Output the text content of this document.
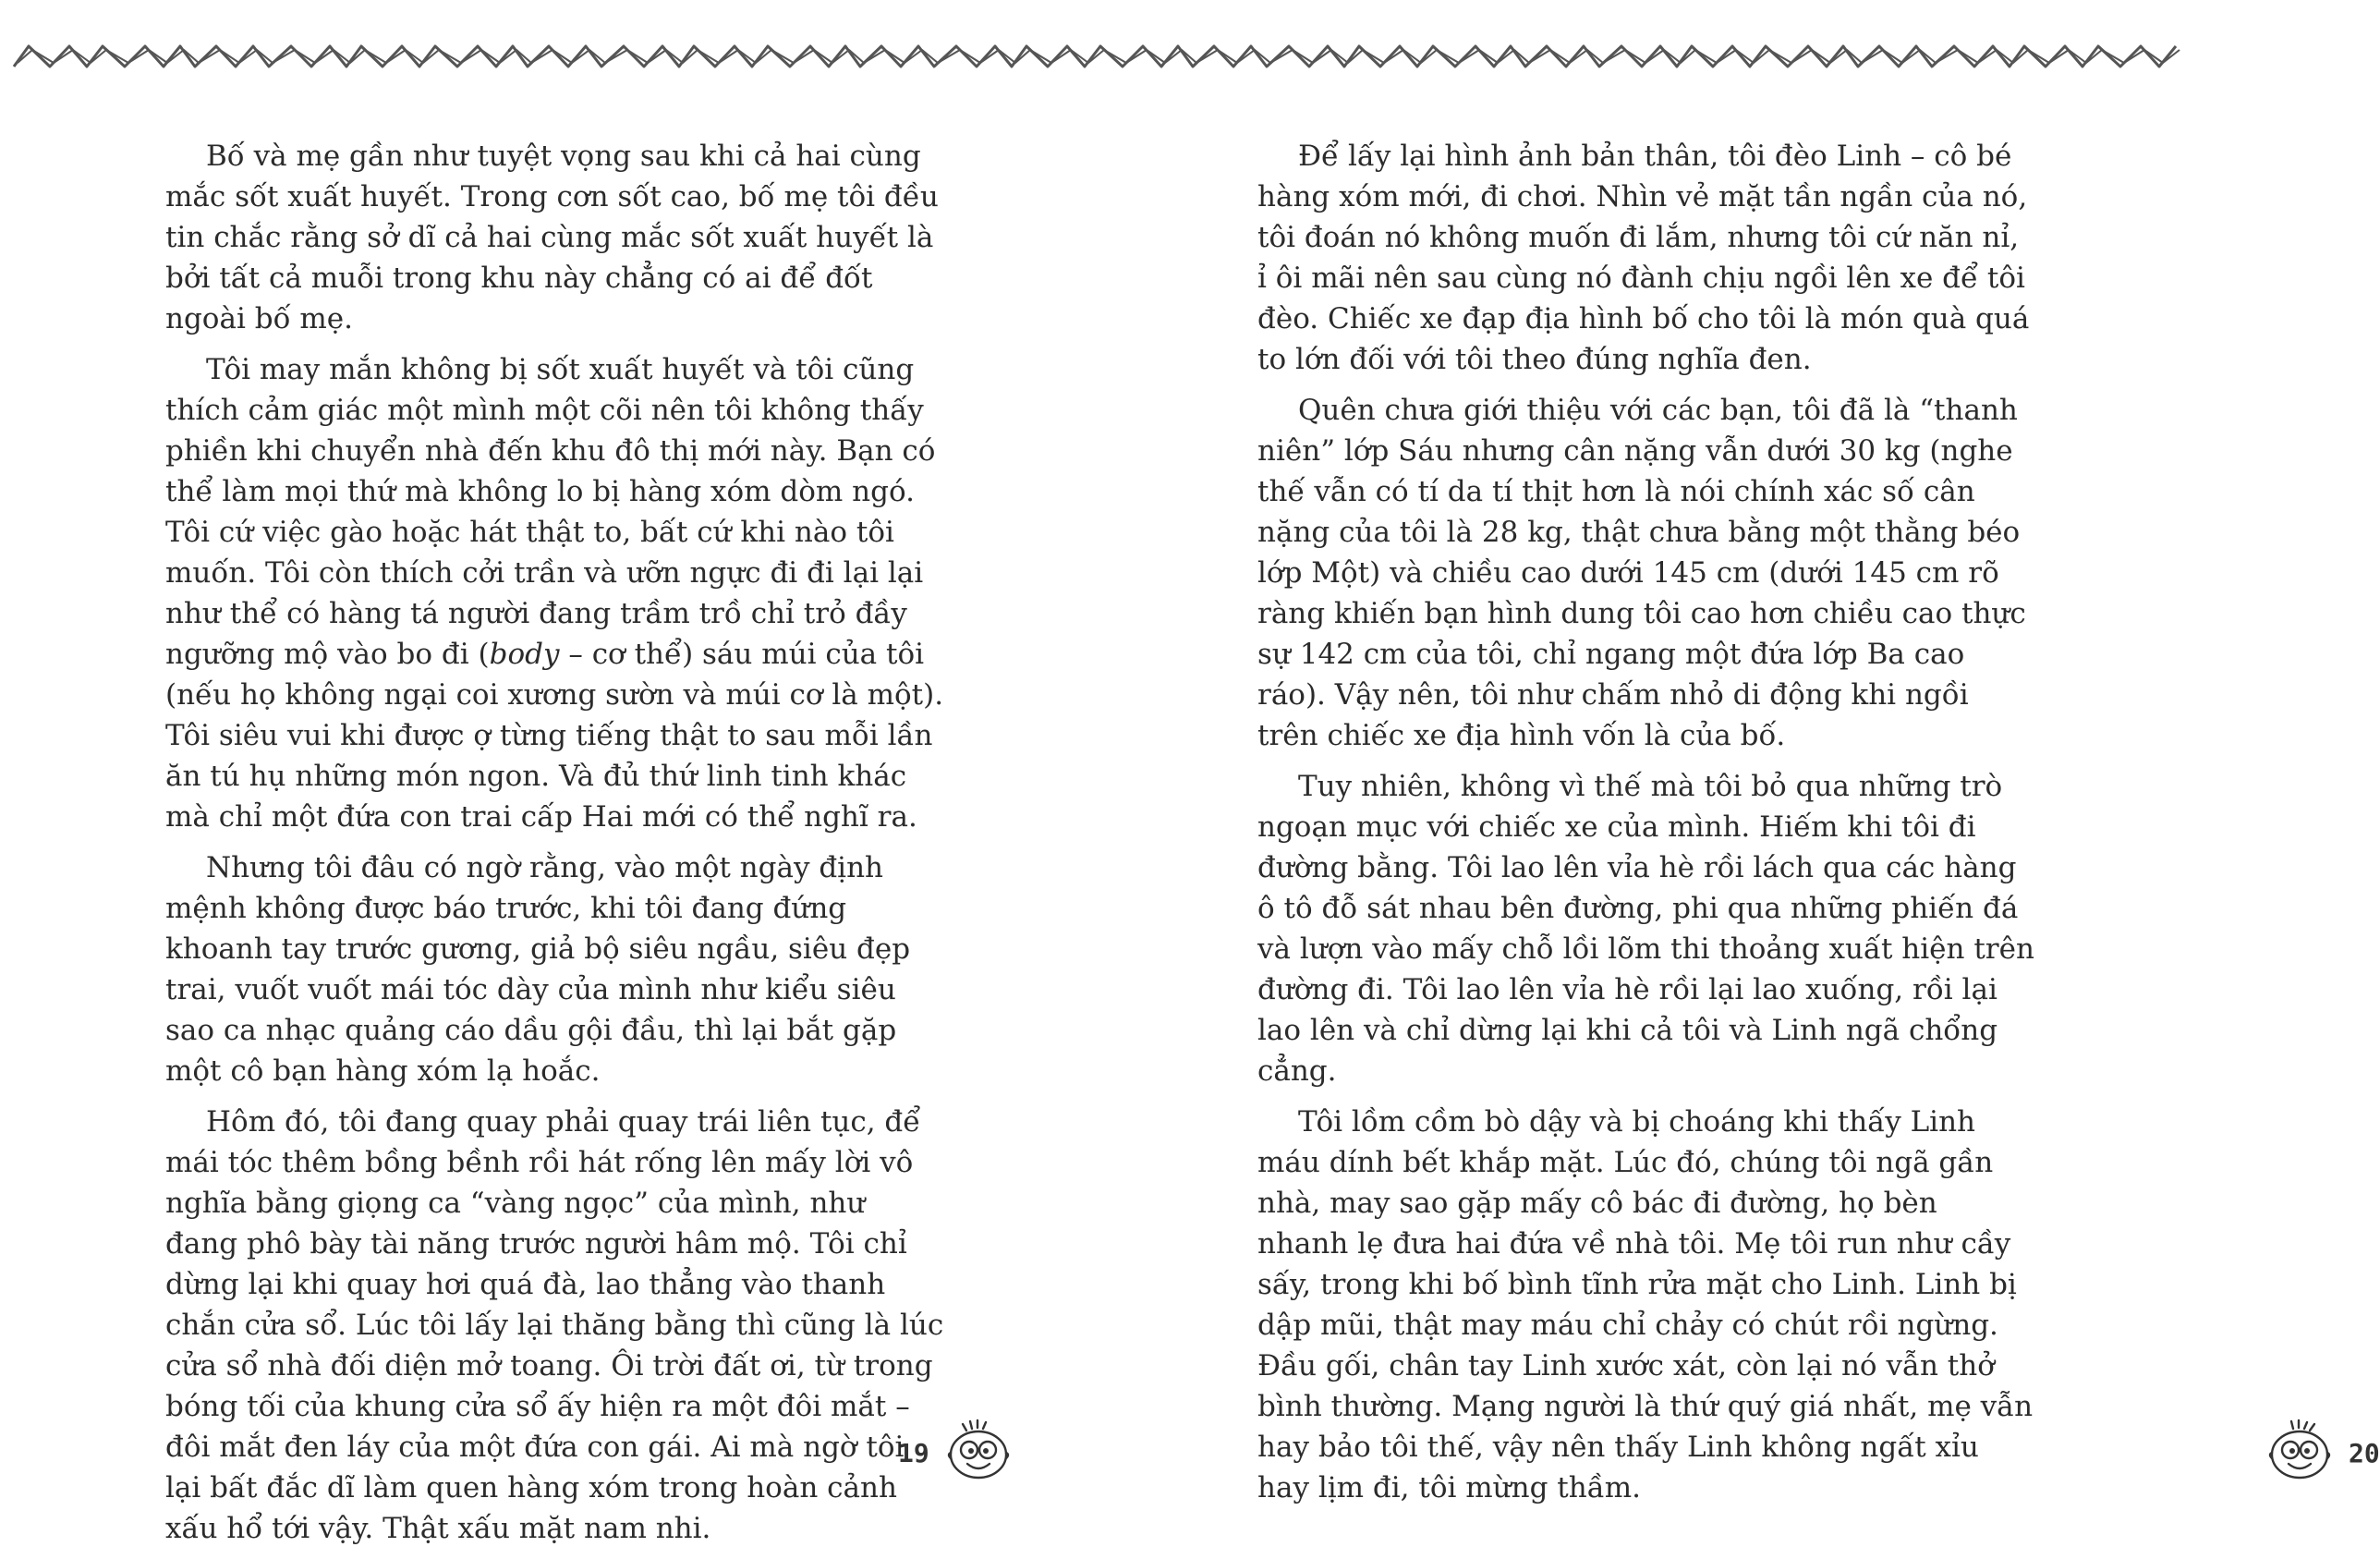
Bố và mẹ gần như tuyệt vọng sau khi cả hai cùng mắc sốt xuất huyết. Trong cơn sốt cao, bố mẹ tôi đều tin chắc rằng sở dĩ cả hai cùng mắc sốt xuất huyết là bởi tất cả muỗi trong khu này chẳng có ai để đốt ngoài bố mẹ.

Tôi may mắn không bị sốt xuất huyết và tôi cũng thích cảm giác một mình một cõi nên tôi không thấy phiền khi chuyển nhà đến khu đô thị mới này. Bạn có thể làm mọi thứ mà không lo bị hàng xóm dòm ngó. Tôi cứ việc gào hoặc hát thật to, bất cứ khi nào tôi muốn. Tôi còn thích cởi trần và ưỡn ngực đi đi lại lại như thể có hàng tá người đang trầm trồ chỉ trỏ đầy ngưỡng mộ vào bo đi (body – cơ thể) sáu múi của tôi (nếu họ không ngại coi xương sườn và múi cơ là một). Tôi siêu vui khi được ợ từng tiếng thật to sau mỗi lần ăn tú hụ những món ngon. Và đủ thứ linh tinh khác mà chỉ một đứa con trai cấp Hai mới có thể nghĩ ra.

Nhưng tôi đâu có ngờ rằng, vào một ngày định mệnh không được báo trước, khi tôi đang đứng khoanh tay trước gương, giả bộ siêu ngầu, siêu đẹp trai, vuốt vuốt mái tóc dày của mình như kiểu siêu sao ca nhạc quảng cáo dầu gội đầu, thì lại bắt gặp một cô bạn hàng xóm lạ hoắc.

Hôm đó, tôi đang quay phải quay trái liên tục, để mái tóc thêm bồng bềnh rồi hát rống lên mấy lời vô nghĩa bằng giọng ca “vàng ngọc” của mình, như đang phô bày tài năng trước người hâm mộ. Tôi chỉ dừng lại khi quay hơi quá đà, lao thẳng vào thanh chắn cửa sổ. Lúc tôi lấy lại thăng bằng thì cũng là lúc cửa sổ nhà đối diện mở toang. Ôi trời đất ơi, từ trong bóng tối của khung cửa sổ ấy hiện ra một đôi mắt – đôi mắt đen láy của một đứa con gái. Ai mà ngờ tôi lại bất đắc dĩ làm quen hàng xóm trong hoàn cảnh xấu hổ tới vậy. Thật xấu mặt nam nhi.

19

Để lấy lại hình ảnh bản thân, tôi đèo Linh – cô bé hàng xóm mới, đi chơi. Nhìn vẻ mặt tần ngần của nó, tôi đoán nó không muốn đi lắm, nhưng tôi cứ năn nỉ, ỉ ôi mãi nên sau cùng nó đành chịu ngồi lên xe để tôi đèo. Chiếc xe đạp địa hình bố cho tôi là món quà quá to lớn đối với tôi theo đúng nghĩa đen.

Quên chưa giới thiệu với các bạn, tôi đã là “thanh niên” lớp Sáu nhưng cân nặng vẫn dưới 30 kg (nghe thế vẫn có tí da tí thịt hơn là nói chính xác số cân nặng của tôi là 28 kg, thật chưa bằng một thằng béo lớp Một) và chiều cao dưới 145 cm (dưới 145 cm rõ ràng khiến bạn hình dung tôi cao hơn chiều cao thực sự 142 cm của tôi, chỉ ngang một đứa lớp Ba cao ráo). Vậy nên, tôi như chấm nhỏ di động khi ngồi trên chiếc xe địa hình vốn là của bố.

Tuy nhiên, không vì thế mà tôi bỏ qua những trò ngoạn mục với chiếc xe của mình. Hiếm khi tôi đi đường bằng. Tôi lao lên vỉa hè rồi lách qua các hàng ô tô đỗ sát nhau bên đường, phi qua những phiến đá và lượn vào mấy chỗ lồi lõm thi thoảng xuất hiện trên đường đi. Tôi lao lên vỉa hè rồi lại lao xuống, rồi lại lao lên và chỉ dừng lại khi cả tôi và Linh ngã chổng cẳng.

Tôi lồm cồm bò dậy và bị choáng khi thấy Linh máu dính bết khắp mặt. Lúc đó, chúng tôi ngã gần nhà, may sao gặp mấy cô bác đi đường, họ bèn nhanh lẹ đưa hai đứa về nhà tôi. Mẹ tôi run như cầy sấy, trong khi bố bình tĩnh rửa mặt cho Linh. Linh bị dập mũi, thật may máu chỉ chảy có chút rồi ngừng. Đầu gối, chân tay Linh xước xát, còn lại nó vẫn thở bình thường. Mạng người là thứ quý giá nhất, mẹ vẫn hay bảo tôi thế, vậy nên thấy Linh không ngất xỉu hay lịm đi, tôi mừng thầm.

20
